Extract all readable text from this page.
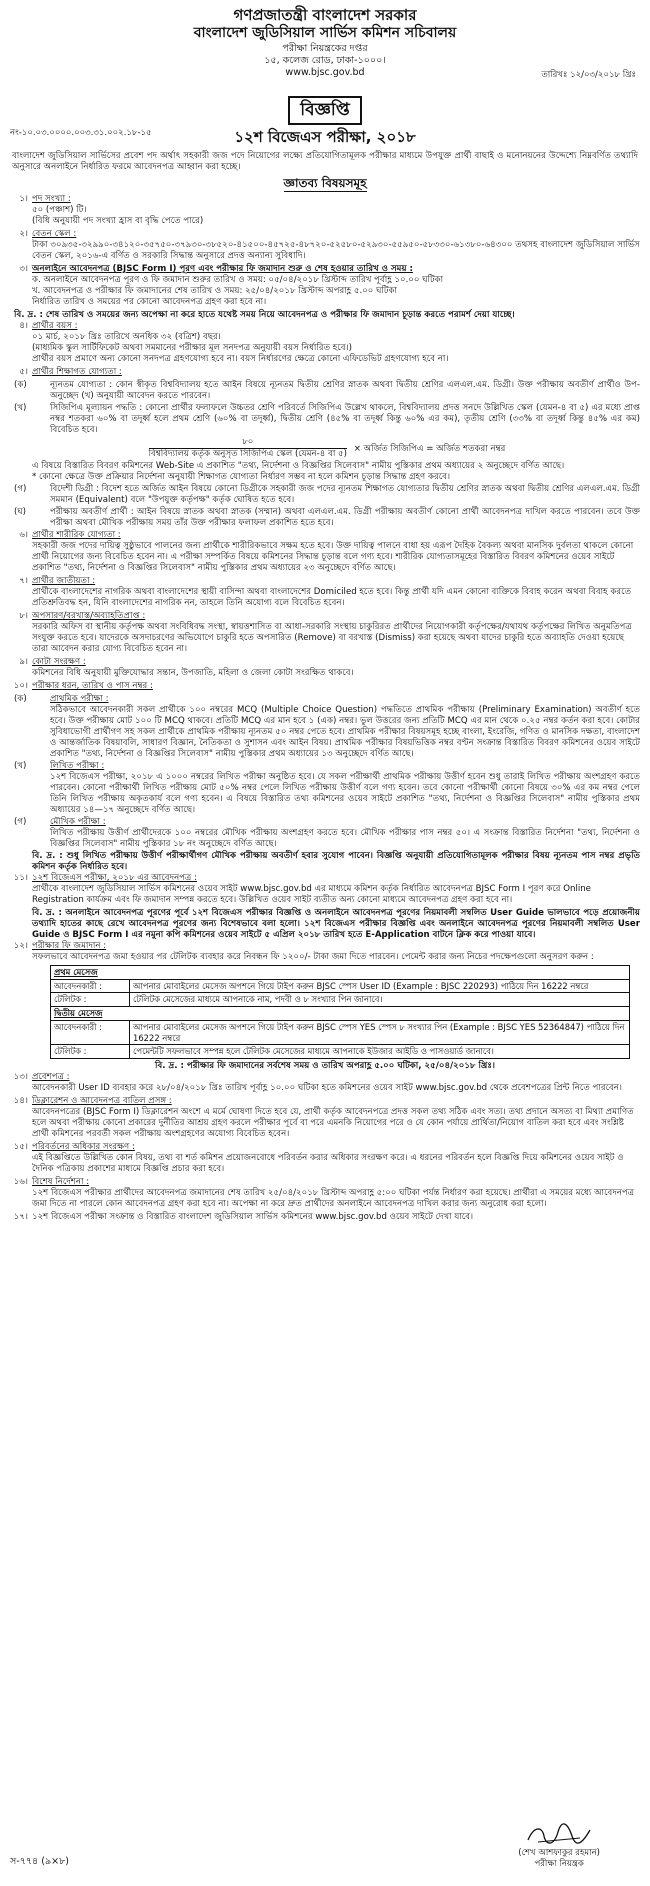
গণপ্রজাতন্ত্রী বাংলাদেশ সরকার
বাংলাদেশ জুডিসিয়াল সার্ভিস কমিশন সচিবালয়
পরীক্ষা নিয়ন্ত্রকের দপ্তর
১৫, কলেজ রোড, ঢাকা-১০০০।
www.bjsc.gov.bd	তারিখঃ ১২/০৩/২০১৮ খ্রিঃ
নং-১০.০৩.০০০০.০০৩.৩১.০০২.১৮-১৫
বিজ্ঞপ্তি
১২শ বিজেএস পরীক্ষা, ২০১৮
বাংলাদেশ জুডিসিয়াল সার্ভিসের প্রবেশ পদ অর্থাৎ সহকারী জজ পদে নিয়োগের লক্ষ্যে প্রতিযোগিতামূলক পরীক্ষার মাধ্যমে উপযুক্ত প্রার্থী বাছাই ও মনোনয়নের উদ্দেশ্যে নিম্নবর্ণিত তথ্যাদি অনুসারে অনলাইনে নির্ধারিত ফরমে আবেদনপত্র আহ্বান করা হচ্ছে।
জ্ঞাতব্য বিষয়সমূহ
১। পদ সংখ্যা :
৫০ (পঞ্চাশ) টি।
(বিধি অনুযায়ী পদ সংখ্যা হ্রাস বা বৃদ্ধি পেতে পারে)
২। বেতন স্কেল :
টাকা ৩০৯৩৫-৩২৯৯০-৩৪১২০-৩৫৭৫০-৩৭৯৩০-৩৮৫২০-৪১৫০০-৪৫৭২৫-৪৮৭২০-৫২৫৮০-৫২৯৩০-৫৫৯৫০-৫৮৩৩০-৬১৩৮০-৬৪৩০০ তথসহ বাংলাদেশ জুডিসিয়াল সার্ভিস বেতন স্কেল, ২০১৬-এ বর্ণিত ও সরকারি সিদ্ধান্ত অনুসারে প্রদত্ত অন্যান্য সুবিধাদি।
৩। অনলাইনে আবেদনপত্র (BJSC Form I) পূরণ এবং পরীক্ষার ফি জমাদান শুরু ও শেষ হওয়ার তারিখ ও সময় :
ক. অনলাইনে আবেদনপত্র পূরণ ও ফি জমাদান শুরুর তারিখ ও সময়: ০৫/০৪/২০১৮ খ্রিস্টাব্দ তারিখ পূর্বাহ্ণ ১০.০০ ঘটিকা
খ. আবেদনপত্র ও পরীক্ষার ফি জমাদানের শেষ তারিখ ও সময়: ২৫/০৪/২০১৮ খ্রিস্টাব্দ অপরাহ্ণ ৫.০০ ঘটিকা
নির্ধারিত তারিখ ও সময়ের পর কোনো আবেদনপত্র গ্রহণ করা হবে না।
বি. দ্র. : শেষ তারিখ ও সময়ের জন্য অপেক্ষা না করে হাতে যথেষ্ট সময় নিয়ে আবেদনপত্র ও পরীক্ষার ফি জমাদান চূড়ান্ত করতে পরামর্শ দেয়া যাচ্ছে।
৪। প্রার্থীর বয়স :
০১ মার্চ, ২০১৮ খ্রিঃ তারিখে অনধিক ৩২ (বত্রিশ) বছর।
(মাধ্যমিক স্কুল সার্টিফিকেট অথবা সমমানের পরীক্ষার মূল সনদপত্র অনুযায়ী বয়স নির্ধারিত হবে।)
প্রার্থীর বয়স প্রমাণে অন্য কোনো সনদপত্র গ্রহণযোগ্য হবে না। বয়স নির্ধারণের ক্ষেত্রে কোনো এফিডেভিট গ্রহণযোগ্য হবে না।
৫। প্রার্থীর শিক্ষাগত যোগ্যতা :
(ক)	ন্যূনতম যোগ্যতা : কোন স্বীকৃত বিশ্ববিদ্যালয় হতে আইন বিষয়ে ন্যূনতম দ্বিতীয় শ্রেণির স্নাতক অথবা দ্বিতীয় শ্রেণির এলএল.এম. ডিগ্রী। উক্ত পরীক্ষায় অবতীর্ণ প্রার্থীও উপ-অনুচ্ছেদ (খ) অনুযায়ী আবেদন করতে পারবেন।
(খ)	সিজিপিএ মূল্যায়ন পদ্ধতি : কোনো প্রার্থীর ফলাফলে উচ্চতর শ্রেণি পরিবর্তে সিজিপিএ উল্লেখ থাকলে, বিশ্ববিদ্যালয় প্রদত্ত সনদে উল্লিখিত স্কেল (যেমন-৪ বা ৫) এর মধ্যে প্রাপ্ত নম্বর শতকরা ৬০% বা তদূর্ধ্ব হলে প্রথম শ্রেণি (৬০% বা তদূর্ধ্ব), দ্বিতীয় শ্রেণি (৪৫% বা তদূর্ধ্ব কিন্তু ৬০% এর কম), তৃতীয় শ্রেণি (৩৩% বা তদূর্ধ্ব কিন্তু ৪৫% এর কম) বিবেচিত হবে।
$\frac{৮০}{\text{বিশ্ববিদ্যালয় কর্তৃক অনুসৃত সিজিপিএ স্কেল (যেমন-৪ বা ৫)}}$ × অর্জিত সিজিপিএ = অর্জিত শতকরা নম্বর
এ বিষয়ে বিস্তারিত বিবরণ কমিশনের Web-Site এ প্রকাশিত "তথ্য, নির্দেশনা ও বিজ্ঞপ্তির সিলেবাস" নামীয় পুস্তিকার প্রথম অধ্যায়ের ২ অনুচ্ছেদে বর্ণিত আছে।
* কোনো ক্ষেত্রে উক্ত প্রক্রিয়ার নির্দেশনা অনুযায়ী শিক্ষাগত যোগ্যতা নির্ধারণ সম্ভব না হলে কমিশন চূড়ান্ত সিদ্ধান্ত গ্রহণ করবে।
(গ)	বিদেশী ডিগ্রী : বিদেশ হতে অর্জিত আইন বিষয়ে কোনো ডিগ্রীকে সহকারী জজ পদের ন্যূনতম শিক্ষাগত যোগ্যতার দ্বিতীয় শ্রেণির স্নাতক অথবা দ্বিতীয় শ্রেণির এলএল.এম. ডিগ্রী সমমান (Equivalent) বলে "উপযুক্ত কর্তৃপক্ষ" কর্তৃক ঘোষিত হতে হবে।
(ঘ)	পরীক্ষায় অবতীর্ণ প্রার্থী : আইন বিষয়ে স্নাতক অথবা স্নাতক (সম্মান) অথবা এলএল.এম. ডিগ্রী পরীক্ষায় অবতীর্ণ কোনো প্রার্থী আবেদনপত্র দাখিল করতে পারবেন। তবে উক্ত পরীক্ষা অথবা মৌখিক পরীক্ষায় সময় তাঁর উক্ত পরীক্ষার ফলাফল প্রকাশিত হতে হবে।
৬। প্রার্থীর শারীরিক যোগ্যতা :
সহকারী জজ পদের দায়িত্ব সুষ্ঠুভাবে পালনের জন্য প্রার্থীকে শারীরিকভাবে সক্ষম হতে হবে। উক্ত দায়িত্ব পালনে বাধা হয় এরূপ দৈহিক বৈকল্য অথবা মানসিক দুর্বলতা থাকলে কোনো প্রার্থী নিয়োগের জন্য বিবেচিত হবেন না। এ পরীক্ষা সম্পর্কিত বিষয়ে কমিশনের সিদ্ধান্ত চূড়ান্ত বলে গণ্য হবে। শারীরিক যোগ্যতাসমূহের বিস্তারিত বিবরণ কমিশনের ওয়েব সাইটে প্রকাশিত "তথ্য, নির্দেশনা ও বিজ্ঞপ্তির সিলেবাস" নামীয় পুস্তিকার প্রথম অধ্যায়ের ২৩ অনুচ্ছেদে বর্ণিত আছে।
৭। প্রার্থীর জাতীয়তা :
প্রার্থীকে বাংলাদেশের নাগরিক অথবা বাংলাদেশের স্থায়ী বাসিন্দা অথবা বাংলাদেশের Domiciled হতে হবে। কিন্তু প্রার্থী যদি এমন কোনো ব্যক্তিকে বিবাহ করেন অথবা বিবাহ করতে প্রতিশ্রুতিবদ্ধ হন, যিনি বাংলাদেশের নাগরিক নন, তাহলে তিনি অযোগ্য বলে বিবেচিত হবেন।
৮। অপসারণ/বরখাস্ত/অব্যাহতিপ্রাপ্ত :
সরকারি অফিস বা স্থানীয় কর্তৃপক্ষ অথবা সংবিধিবদ্ধ সংস্থা, স্বায়ত্তশাসিত বা আধা-সরকারি সংস্থায় চাকুরিরত প্রার্থীদের নিয়োগকারী কর্তৃপক্ষের/যথাযথ কর্তৃপক্ষের লিখিত অনুমতিপত্র সংযুক্ত করতে হবে। যাদেরকে অসদাচরণের অভিযোগে চাকুরি হতে অপসারিত (Remove) বা বরখাস্ত (Dismiss) করা হয়েছে অথবা যাদের চাকুরি হতে অব্যাহতি দেওয়া হয়েছে তারা আবেদন করার যোগ্য বিবেচিত হবেন না।
৯। কোটা সংরক্ষণ :
কমিশনের বিধি অনুযায়ী মুক্তিযোদ্ধার সন্তান, উপজাতি, মহিলা ও জেলা কোটা সংরক্ষিত থাকবে।
১০। পরীক্ষার ধরন, তারিখ ও পাস নম্বর :
(ক)	প্রাথমিক পরীক্ষা :
সঠিকভাবে আবেদনকারী সকল প্রার্থীকে ১০০ নম্বরের MCQ (Multiple Choice Question) পদ্ধতিতে প্রাথমিক পরীক্ষায় (Preliminary Examination) অবতীর্ণ হতে হবে। উক্ত পরীক্ষায় মোট ১০০ টি MCQ থাকবে। প্রতিটি MCQ এর মান হবে ১ (এক) নম্বর। ভুল উত্তরের জন্য প্রতিটি MCQ এর মান থেকে ০.২৫ নম্বর কর্তন করা হবে। কোটার সুবিধাভোগী প্রার্থীগণ সহ সকল প্রার্থীকে প্রাথমিক পরীক্ষায় ন্যূনতম ৫০ নম্বর পেতে হবে। প্রাথমিক পরীক্ষার বিষয়সমূহ হচ্ছে বাংলা, ইংরেজি, গণিত ও মানসিক দক্ষতা, বাংলাদেশ ও আন্তর্জাতিক বিষয়াবলি, সাধারণ বিজ্ঞান, নৈতিকতা ও সুশাসন এবং আইন বিষয়। প্রাথমিক পরীক্ষার বিষয়ভিত্তিক নম্বর বণ্টন সংক্রান্ত বিস্তারিত বিবরণ কমিশনের ওয়েব সাইটে প্রকাশিত "তথ্য, নির্দেশনা ও বিজ্ঞপ্তির সিলেবাস" নামীয় পুস্তিকার প্রথম অধ্যায়ের ১৩ অনুচ্ছেদে বর্ণিত আছে।
(খ)	লিখিত পরীক্ষা :
১২শ বিজেএস পরীক্ষা, ২০১৮ এ ১০০০ নম্বরের লিখিত পরীক্ষা অনুষ্ঠিত হবে। যে সকল পরীক্ষার্থী প্রাথমিক পরীক্ষায় উত্তীর্ণ হবেন শুধু তারাই লিখিত পরীক্ষায় অংশগ্রহণ করতে পারবেন। কোনো পরীক্ষার্থী লিখিত পরীক্ষায় মোট ৫০% নম্বর পেলে লিখিত পরীক্ষায় উত্তীর্ণ বলে গণ্য হবেন। তবে কোনো পরীক্ষার্থী কোনো বিষয়ে ৩০% এর কম নম্বর পেলে তিনি লিখিত পরীক্ষায় অকৃতকার্য বলে গণ্য হবেন। এ বিষয়ে বিস্তারিত তথ্য কমিশনের ওয়েব সাইটে প্রকাশিত "তথ্য, নির্দেশনা ও বিজ্ঞপ্তির সিলেবাস" নামীয় পুস্তিকার প্রথম অধ্যায়ের ১৪—১৭ অনুচ্ছেদে বর্ণিত আছে।
(গ)	মৌখিক পরীক্ষা :
লিখিত পরীক্ষায় উত্তীর্ণ প্রার্থীদেরকে ১০০ নম্বরের মৌখিক পরীক্ষায় অংশগ্রহণ করতে হবে। মৌখিক পরীক্ষার পাস নম্বর ৫০। এ সংক্রান্ত বিস্তারিত নির্দেশনা "তথ্য, নির্দেশনা ও বিজ্ঞপ্তির সিলেবাস" নামীয় পুস্তিকার ১৮ নং অনুচ্ছেদে বর্ণিত আছে।
বি. দ্র. : শুধু লিখিত পরীক্ষায় উত্তীর্ণ পরীক্ষার্থীগণ মৌখিক পরীক্ষায় অবতীর্ণ হবার সুযোগ পাবেন। বিজ্ঞপ্তি অনুযায়ী প্রতিযোগিতামূলক পরীক্ষার বিষয় ন্যূনতম পাস নম্বর প্রভৃতি কমিশন কর্তৃক নির্ধারিত হবে।
১১। ১২শ বিজেএস পরীক্ষা, ২০১৮ এর আবেদনপত্র :
প্রার্থীকে বাংলাদেশ জুডিসিয়াল সার্ভিস কমিশনের ওয়েব সাইট www.bjsc.gov.bd এর মাধ্যমে কমিশন কর্তৃক নির্ধারিত আবেদনপত্র BJSC Form I পূরণ করে Online Registration কার্যক্রম এবং ফি জমাদান সম্পন্ন করতে হবে। উল্লিখিত ওয়েব সাইট ব্যতীত অন্য কোনো মাধ্যমে আবেদনপত্র গ্রহণ করা হবে না।
বি. দ্র. : অনলাইনে আবেদনপত্র পূরণের পূর্বে ১২শ বিজেএস পরীক্ষার বিজ্ঞপ্তি ও অনলাইনে আবেদনপত্র পূরণের নিয়মাবলী সম্বলিত User Guide ভালভাবে পড়ে প্রয়োজনীয় তথ্যাদি হাতের কাছে রেখে আবেদনপত্র পূরণের জন্য বিশেষভাবে বলা হলো। ১২শ বিজেএস পরীক্ষার বিজ্ঞপ্তি এবং অনলাইনে আবেদনপত্র পূরণের নিয়মাবলী সম্বলিত User Guide ও BJSC Form I এর নমুনা কপি কমিশনের ওয়েব সাইটে ৫ এপ্রিল ২০১৮ তারিখ হতে E-Application বাটনে ক্লিক করে পাওয়া যাবে।
১২। পরীক্ষার ফি জমাদান :
সফলভাবে আবেদনপত্র জমা হওয়ার পর টেলিটক ব্যবহার করে নিবন্ধন ফি ১২০০/- টাকা জমা দিতে পারবেন। পেমেন্ট করার জন্য নিচের পদক্ষেপগুলো অনুসরণ করুন :
প্রথম মেসেজ	
আবেদনকারী :	আপনার মোবাইলের মেসেজ অপশনে গিয়ে টাইপ করুন BJSC স্পেস User ID (Example : BJSC 220293) পাঠিয়ে দিন 16222 নম্বরে
টেলিটক :	টেলিটক মেসেজের মাধ্যমে আপনাকে নাম, পদবী ও ৮ সংখ্যার পিন জানাবে।
দ্বিতীয় মেসেজ	
আবেদনকারী :	আপনার মোবাইলের মেসেজ অপশনে গিয়ে টাইপ করুন BJSC স্পেস YES স্পেস ৮ সংখ্যার পিন (Example : BJSC YES 52364847) পাঠিয়ে দিন 16222 নম্বরে
টেলিটক :	পেমেন্টটি সফলভাবে সম্পন্ন হলে টেলিটক মেসেজের মাধ্যমে আপনাকে ইউজার আইডি ও পাসওয়ার্ড জানাবে।
বি. দ্র. : পরীক্ষার ফি জমাদানের সর্বশেষ সময় ও তারিখ অপরাহ্ণ ৫.০০ ঘটিকা, ২৫/০৪/২০১৮ খ্রিঃ।
১৩। প্রবেশপত্র :
আবেদনকারী User ID ব্যবহার করে ২৮/০৪/২০১৮ খ্রিঃ তারিখ পূর্বাহ্ণ ১০.০০ ঘটিকা হতে কমিশনের ওয়েব সাইট www.bjsc.gov.bd থেকে প্রবেশপত্রের প্রিন্ট নিতে পারবেন।
১৪। ডিক্লারেশন ও আবেদনপত্র বাতিল প্রসঙ্গ :
আবেদনপত্রের (BJSC Form I) ডিক্লারেশন অংশে এ মর্মে ঘোষণা দিতে হবে যে, প্রার্থী কর্তৃক আবেদনপত্রে প্রদত্ত সকল তথ্য সঠিক এবং সত্য। তথ্য প্রদানে অসত্য বা মিথ্যা প্রমাণিত হলে অথবা পরীক্ষায় কোনো প্রকারের দুর্নীতির আশ্রয় গ্রহণ করলে পরীক্ষার পূর্বে বা পরে এমনকি নিয়োগের পরে ও যে কোন পর্যায়ে প্রার্থিতা/নিয়োগ বাতিল করা হবে এবং সংশ্লিষ্ট প্রার্থী কমিশনের পরবর্তী সকল পরীক্ষায় অংশগ্রহণের অযোগ্য বিবেচিত হবেন।
১৫। পরিবর্তনের অধিকার সংরক্ষণ :
এই বিজ্ঞপ্তিতে উল্লিখিত কোন বিষয়, তথ্য বা শর্ত কমিশন প্রয়োজনবোধে পরিবর্তন করার অধিকার সংরক্ষণ করে। এ ধরনের পরিবর্তন হলে বিজ্ঞপ্তি দিয়ে কমিশনের ওয়েব সাইট ও দৈনিক পত্রিকায় প্রকাশের মাধ্যমে বিজ্ঞপ্তি প্রচার করা হবে।
১৬। বিশেষ নির্দেশনা :
১২শ বিজেএস পরীক্ষার প্রার্থীদের আবেদনপত্র জমাদানের শেষ তারিখ ২৫/০৪/২০১৮ খ্রিস্টাব্দ অপরাহ্ণ ৫:০০ ঘটিকা পর্যন্ত নির্ধারণ করা হয়েছে। প্রার্থীরা এ সময়ের মধ্যে আবেদনপত্র জমা দিতে না পারলে কোন আবেদনপত্র গ্রহণ করা হবে না। অপেক্ষা না করে দ্রুত প্রার্থীদের অনলাইনে আবেদনপত্র দাখিল করার জন্য অনুরোধ করা হলো।
১৭। ১২শ বিজেএস পরীক্ষা সংক্রান্ত ও বিস্তারিত বাংলাদেশ জুডিসিয়াল সার্ভিস কমিশনের www.bjsc.gov.bd ওয়েব সাইটে দেখা যাবে।
স-৭৭৪ (৯×৮)
(শেখ আশফাকুর রহমান)
পরীক্ষা নিয়ন্ত্রক
